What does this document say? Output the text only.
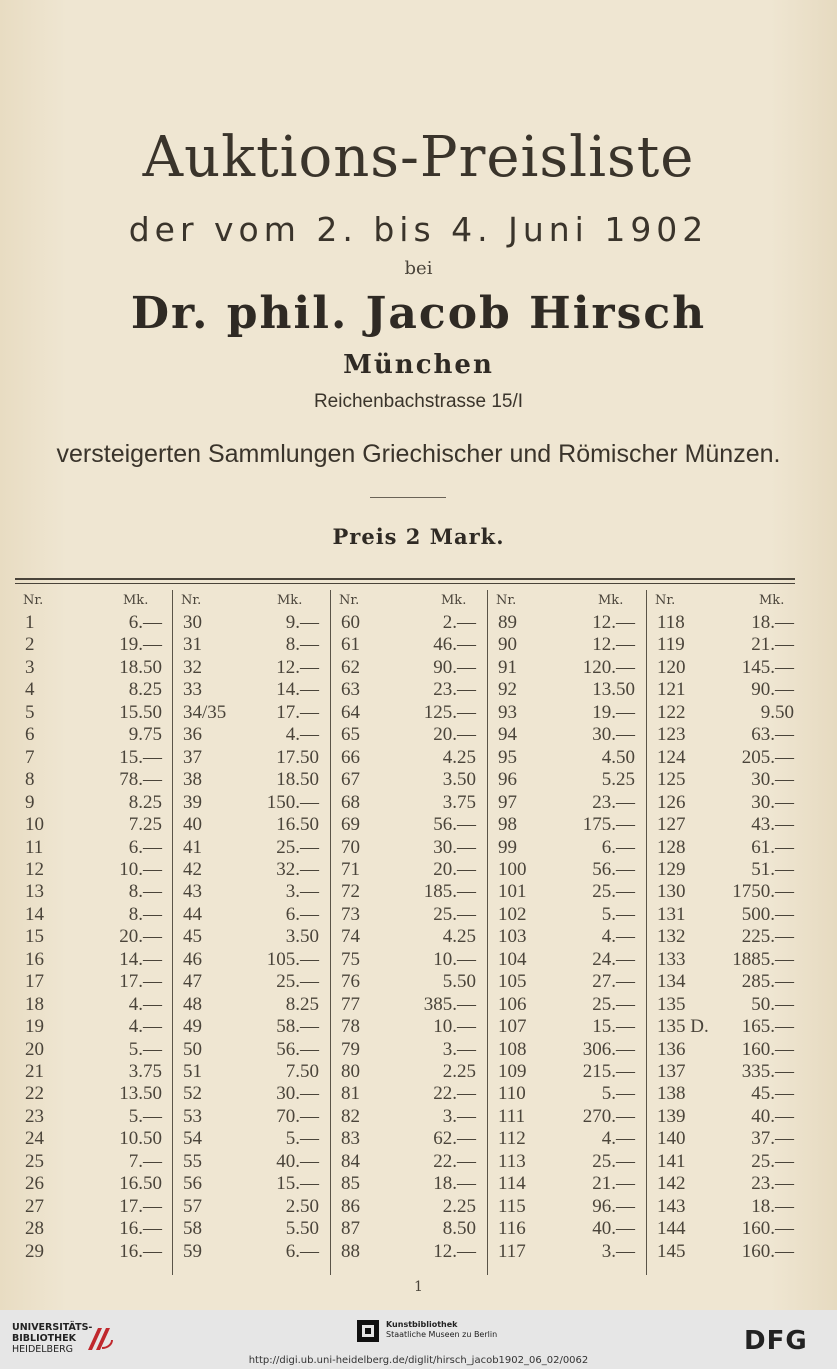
Auktions-Preisliste

der vom 2. bis 4. Juni 1902

bei

Dr. phil. Jacob Hirsch

München

Reichenbachstrasse 15/I

versteigerten Sammlungen Griechischer und Römischer Münzen.

Preis 2 Mark.

Nr.	Mk.
1	6.—
2	19.—
3	18.50
4	8.25
5	15.50
6	9.75
7	15.—
8	78.—
9	8.25
10	7.25
11	6.—
12	10.—
13	8.—
14	8.—
15	20.—
16	14.—
17	17.—
18	4.—
19	4.—
20	5.—
21	3.75
22	13.50
23	5.—
24	10.50
25	7.—
26	16.50
27	17.—
28	16.—
29	16.—
Nr.	Mk.
30	9.—
31	8.—
32	12.—
33	14.—
34/35	17.—
36	4.—
37	17.50
38	18.50
39	150.—
40	16.50
41	25.—
42	32.—
43	3.—
44	6.—
45	3.50
46	105.—
47	25.—
48	8.25
49	58.—
50	56.—
51	7.50
52	30.—
53	70.—
54	5.—
55	40.—
56	15.—
57	2.50
58	5.50
59	6.—
Nr.	Mk.
60	2.—
61	46.—
62	90.—
63	23.—
64	125.—
65	20.—
66	4.25
67	3.50
68	3.75
69	56.—
70	30.—
71	20.—
72	185.—
73	25.—
74	4.25
75	10.—
76	5.50
77	385.—
78	10.—
79	3.—
80	2.25
81	22.—
82	3.—
83	62.—
84	22.—
85	18.—
86	2.25
87	8.50
88	12.—
Nr.	Mk.
89	12.—
90	12.—
91	120.—
92	13.50
93	19.—
94	30.—
95	4.50
96	5.25
97	23.—
98	175.—
99	6.—
100	56.—
101	25.—
102	5.—
103	4.—
104	24.—
105	27.—
106	25.—
107	15.—
108	306.—
109	215.—
110	5.—
111	270.—
112	4.—
113	25.—
114	21.—
115	96.—
116	40.—
117	3.—
Nr.	Mk.
118	18.—
119	21.—
120	145.—
121	90.—
122	9.50
123	63.—
124	205.—
125	30.—
126	30.—
127	43.—
128	61.—
129	51.—
130 1750.—
131	500.—
132	225.—
133 1885.—
134	285.—
135	50.—
135 D. 165.—
136	160.—
137	335.—
138	45.—
139	40.—
140	37.—
141	25.—
142	23.—
143	18.—
144	160.—
145	160.—

1

UNIVERSITÄTS-
BIBLIOTHEK
HEIDELBERG
Kunstbibliothek
Staatliche Museen zu Berlin	DFG
http://digi.ub.uni-heidelberg.de/diglit/hirsch_jacob1902_06_02/0062
